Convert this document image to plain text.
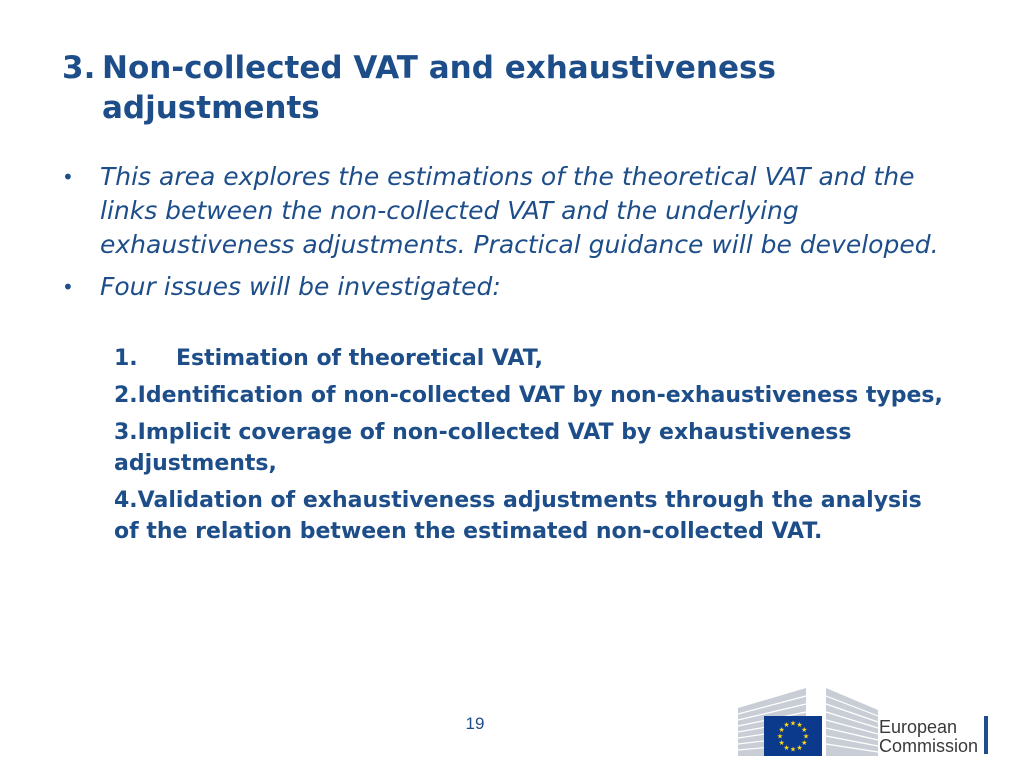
3. Non-collected VAT and exhaustiveness
adjustments
• This area explores the estimations of the theoretical VAT and the links between the non-collected VAT and the underlying exhaustiveness adjustments. Practical guidance will be developed.
• Four issues will be investigated:
1. Estimation of theoretical VAT,
2.Identification of non-collected VAT by non-exhaustiveness types,
3.Implicit coverage of non-collected VAT by exhaustiveness adjustments,
4.Validation of exhaustiveness adjustments through the analysis of the relation between the estimated non-collected VAT.
19	★ ★
★
★
★
★
★
★
★
★
★
★	European
Commission
